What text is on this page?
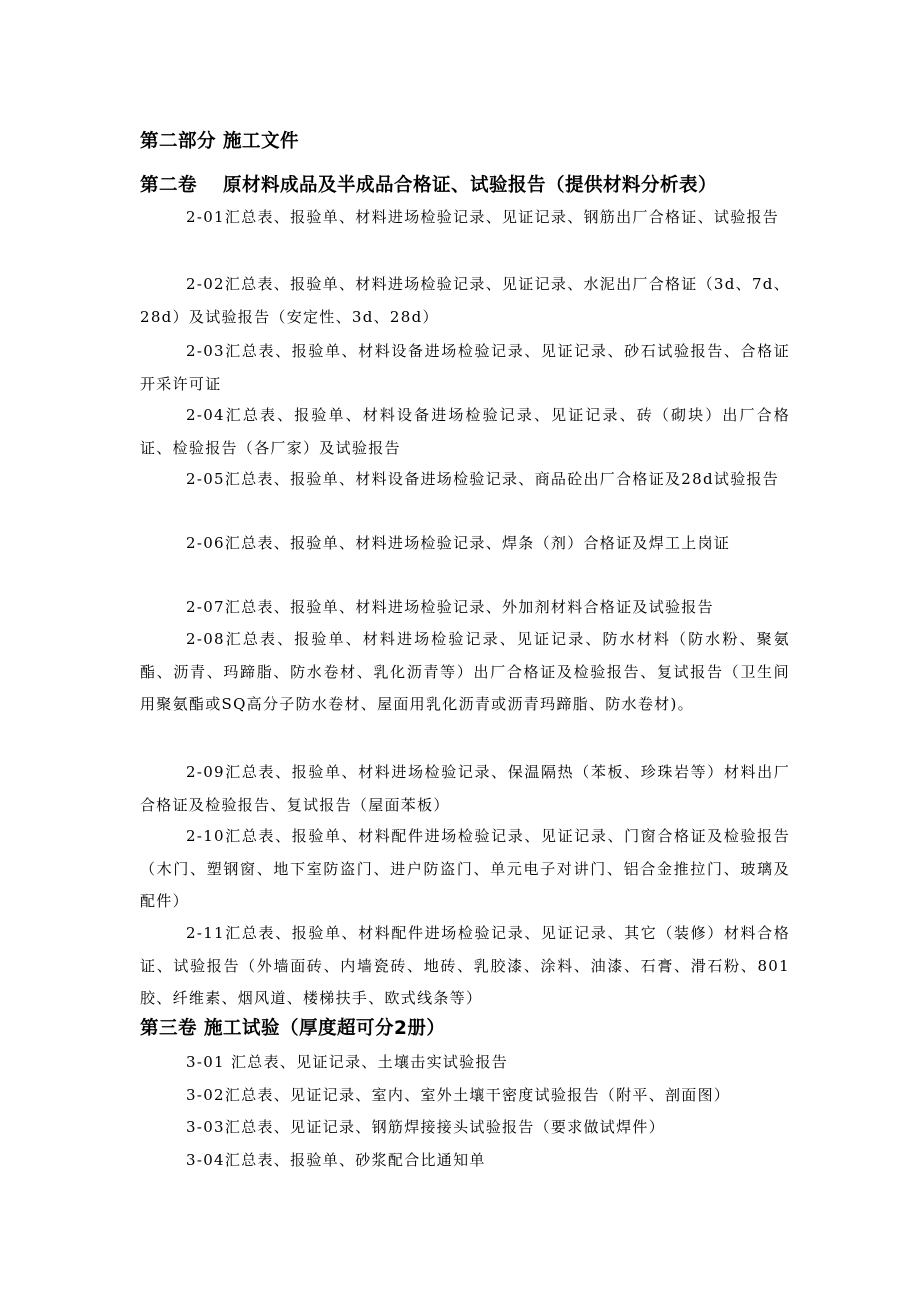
第二部分 施工文件
第二卷　 原材料成品及半成品合格证、试验报告（提供材料分析表）
2-01汇总表、报验单、材料进场检验记录、见证记录、钢筋出厂合格证、试验报告
2-02汇总表、报验单、材料进场检验记录、见证记录、水泥出厂合格证（3d、7d、28d）及试验报告（安定性、3d、28d）
2-03汇总表、报验单、材料设备进场检验记录、见证记录、砂石试验报告、合格证开采许可证
2-04汇总表、报验单、材料设备进场检验记录、见证记录、砖（砌块）出厂合格证、检验报告（各厂家）及试验报告
2-05汇总表、报验单、材料设备进场检验记录、商品砼出厂合格证及28d试验报告
2-06汇总表、报验单、材料进场检验记录、焊条（剂）合格证及焊工上岗证
2-07汇总表、报验单、材料进场检验记录、外加剂材料合格证及试验报告
2-08汇总表、报验单、材料进场检验记录、见证记录、防水材料（防水粉、聚氨酯、沥青、玛蹄脂、防水卷材、乳化沥青等）出厂合格证及检验报告、复试报告（卫生间用聚氨酯或SQ高分子防水卷材、屋面用乳化沥青或沥青玛蹄脂、防水卷材)。
2-09汇总表、报验单、材料进场检验记录、保温隔热（苯板、珍珠岩等）材料出厂合格证及检验报告、复试报告（屋面苯板）
2-10汇总表、报验单、材料配件进场检验记录、见证记录、门窗合格证及检验报告（木门、塑钢窗、地下室防盗门、进户防盗门、单元电子对讲门、铝合金推拉门、玻璃及配件）
2-11汇总表、报验单、材料配件进场检验记录、见证记录、其它（装修）材料合格证、试验报告（外墙面砖、内墙瓷砖、地砖、乳胶漆、涂料、油漆、石膏、滑石粉、801胶、纤维素、烟风道、楼梯扶手、欧式线条等）
第三卷 施工试验（厚度超可分2册）
3-01 汇总表、见证记录、土壤击实试验报告
3-02汇总表、见证记录、室内、室外土壤干密度试验报告（附平、剖面图）
3-03汇总表、见证记录、钢筋焊接接头试验报告（要求做试焊件）
3-04汇总表、报验单、砂浆配合比通知单
